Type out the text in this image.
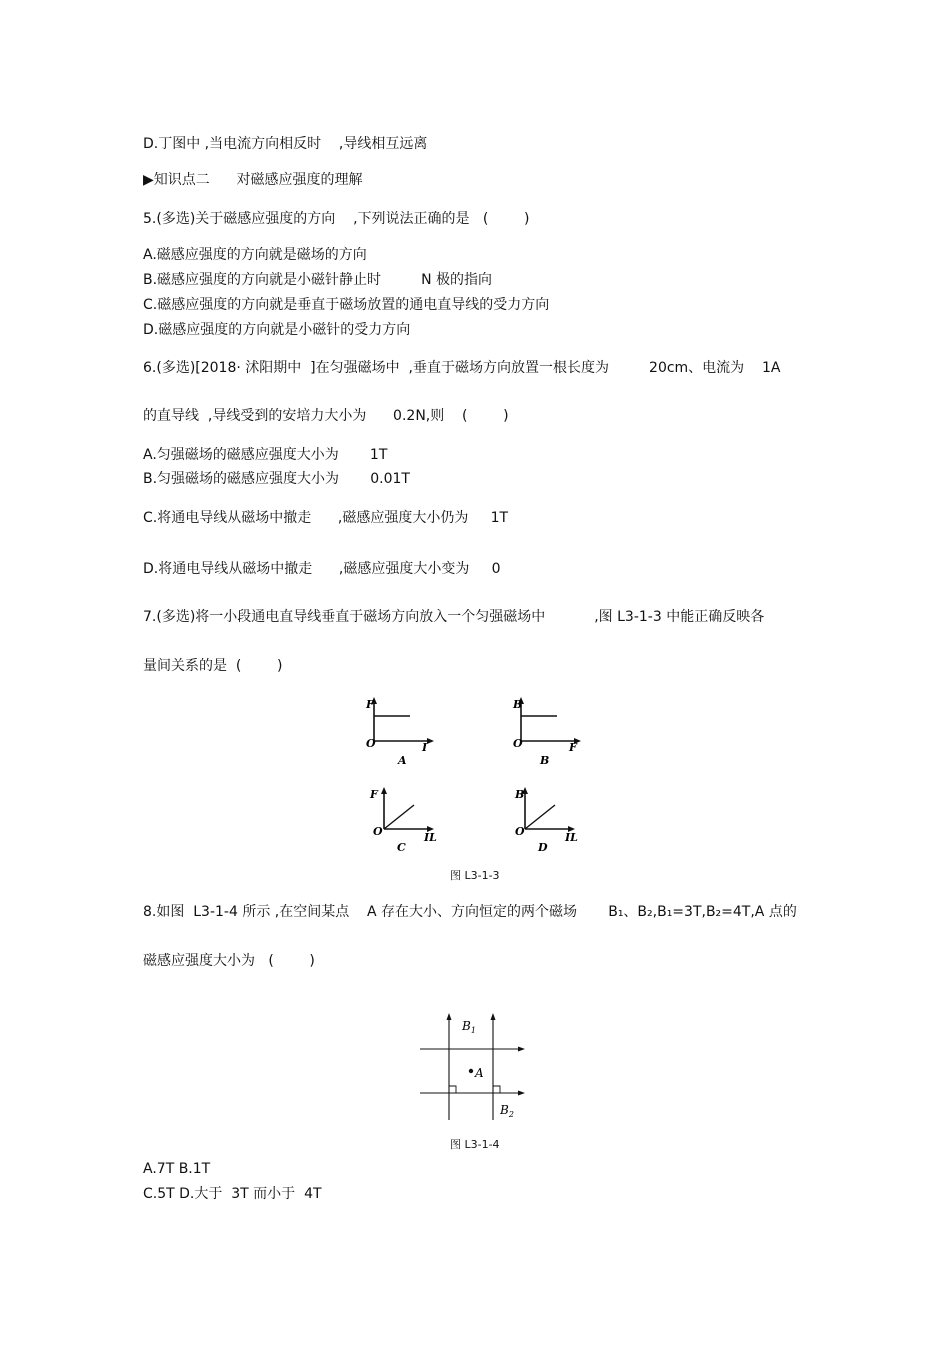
D.丁图中 ,当电流方向相反时    ,导线相互远离
▶知识点二      对磁感应强度的理解
5.(多选)关于磁感应强度的方向    ,下列说法正确的是   (        )
A.磁感应强度的方向就是磁场的方向
B.磁感应强度的方向就是小磁针静止时         N 极的指向
C.磁感应强度的方向就是垂直于磁场放置的通电直导线的受力方向
D.磁感应强度的方向就是小磁针的受力方向
6.(多选)[2018· 沭阳期中  ]在匀强磁场中  ,垂直于磁场方向放置一根长度为         20cm、电流为    1A
的直导线  ,导线受到的安培力大小为      0.2N,则    (        )
A.匀强磁场的磁感应强度大小为       1T
B.匀强磁场的磁感应强度大小为       0.01T
C.将通电导线从磁场中撤走      ,磁感应强度大小仍为     1T
D.将通电导线从磁场中撤走      ,磁感应强度大小变为     0
7.(多选)将一小段通电直导线垂直于磁场方向放入一个匀强磁场中           ,图 L3-1-3 中能正确反映各
量间关系的是  (        )
F
O	I
A
B
O	F
B
F
O	IL
C
B
O	IL
D
图 L3-1-3
8.如图  L3-1-4 所示 ,在空间某点    A 存在大小、方向恒定的两个磁场       B₁、B₂,B₁=3T,B₂=4T,A 点的
磁感应强度大小为   (        )
A
$B_1$
$B_2$
图 L3-1-4
A.7T B.1T
C.5T D.大于  3T 而小于  4T
